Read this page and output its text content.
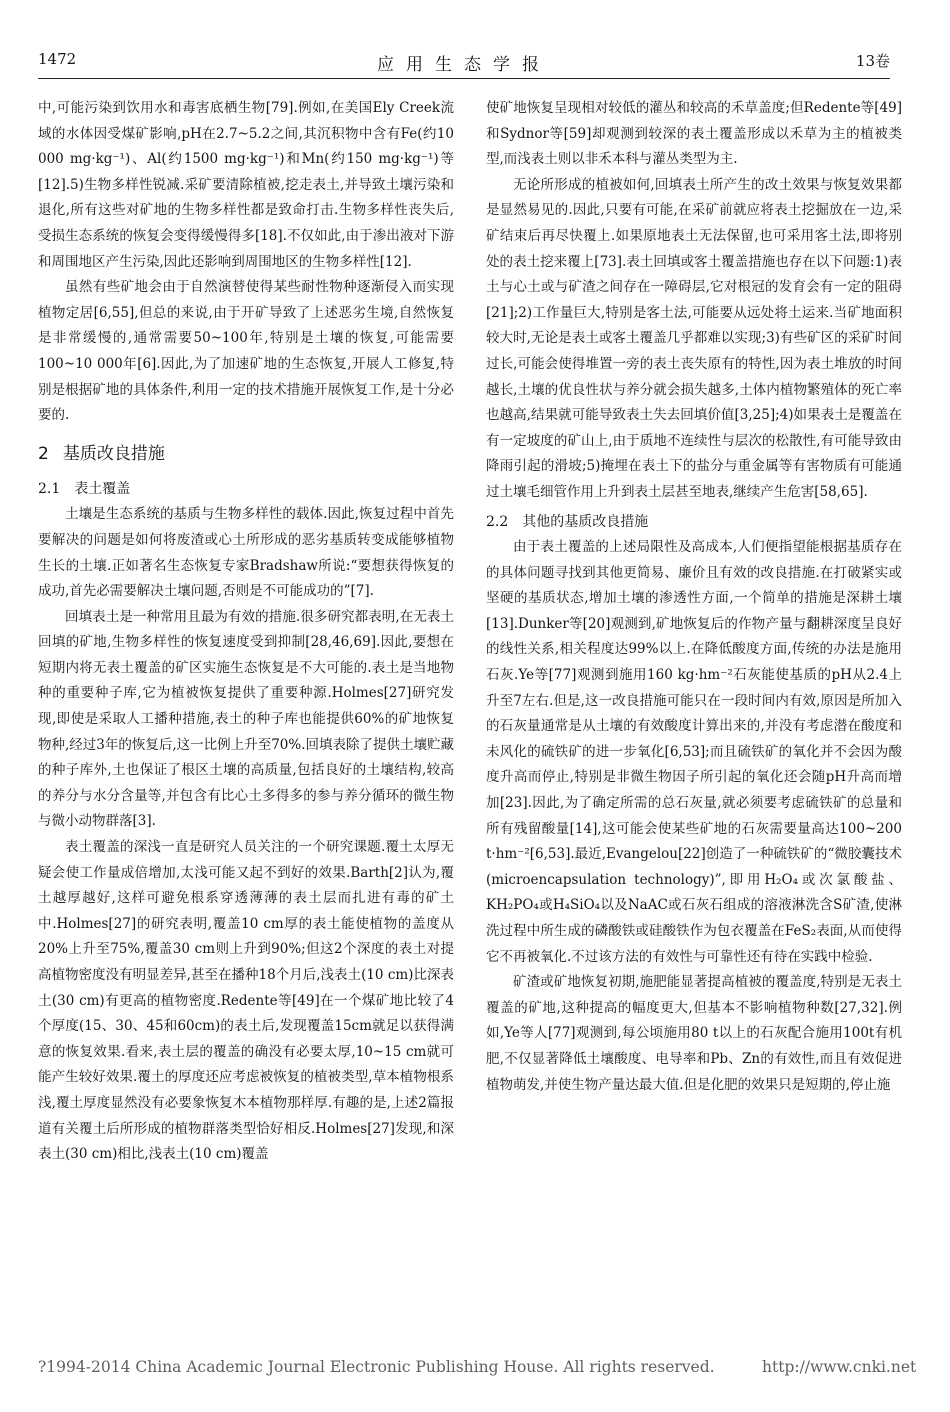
1472	应用生态学报	13卷

中,可能污染到饮用水和毒害底栖生物[79].例如,在美国Ely Creek流域的水体因受煤矿影响,pH在2.7~5.2之间,其沉积物中含有Fe(约10 000 mg·kg⁻¹)、Al(约1500 mg·kg⁻¹)和Mn(约150 mg·kg⁻¹)等[12].5)生物多样性锐减.采矿要清除植被,挖走表土,并导致土壤污染和退化,所有这些对矿地的生物多样性都是致命打击.生物多样性丧失后,受损生态系统的恢复会变得缓慢得多[18].不仅如此,由于渗出液对下游和周围地区产生污染,因此还影响到周围地区的生物多样性[12].

虽然有些矿地会由于自然演替使得某些耐性物种逐渐侵入而实现植物定居[6,55],但总的来说,由于开矿导致了上述恶劣生境,自然恢复是非常缓慢的,通常需要50~100年,特别是土壤的恢复,可能需要100~10 000年[6].因此,为了加速矿地的生态恢复,开展人工修复,特别是根据矿地的具体条件,利用一定的技术措施开展恢复工作,是十分必要的.

2 基质改良措施
2.1 表土覆盖

土壤是生态系统的基质与生物多样性的载体.因此,恢复过程中首先要解决的问题是如何将废渣或心土所形成的恶劣基质转变成能够植物生长的土壤.正如著名生态恢复专家Bradshaw所说:“要想获得恢复的成功,首先必需要解决土壤问题,否则是不可能成功的”[7].

回填表土是一种常用且最为有效的措施.很多研究都表明,在无表土回填的矿地,生物多样性的恢复速度受到抑制[28,46,69].因此,要想在短期内将无表土覆盖的矿区实施生态恢复是不大可能的.表土是当地物种的重要种子库,它为植被恢复提供了重要种源.Holmes[27]研究发现,即使是采取人工播种措施,表土的种子库也能提供60%的矿地恢复物种,经过3年的恢复后,这一比例上升至70%.回填表除了提供土壤贮藏的种子库外,土也保证了根区土壤的高质量,包括良好的土壤结构,较高的养分与水分含量等,并包含有比心土多得多的参与养分循环的微生物与微小动物群落[3].

表土覆盖的深浅一直是研究人员关注的一个研究课题.覆土太厚无疑会使工作量成倍增加,太浅可能又起不到好的效果.Barth[2]认为,覆土越厚越好,这样可避免根系穿透薄薄的表土层而扎进有毒的矿土中.Holmes[27]的研究表明,覆盖10 cm厚的表土能使植物的盖度从20%上升至75%,覆盖30 cm则上升到90%;但这2个深度的表土对提高植物密度没有明显差异,甚至在播种18个月后,浅表土(10 cm)比深表土(30 cm)有更高的植物密度.Redente等[49]在一个煤矿地比较了4个厚度(15、30、45和60cm)的表土后,发现覆盖15cm就足以获得满意的恢复效果.看来,表土层的覆盖的确没有必要太厚,10~15 cm就可能产生较好效果.覆土的厚度还应考虑被恢复的植被类型,草本植物根系浅,覆土厚度显然没有必要象恢复木本植物那样厚.有趣的是,上述2篇报道有关覆土后所形成的植物群落类型恰好相反.Holmes[27]发现,和深表土(30 cm)相比,浅表土(10 cm)覆盖

使矿地恢复呈现相对较低的灌丛和较高的禾草盖度;但Redente等[49]和Sydnor等[59]却观测到较深的表土覆盖形成以禾草为主的植被类型,而浅表土则以非禾本科与灌丛类型为主.

无论所形成的植被如何,回填表土所产生的改土效果与恢复效果都是显然易见的.因此,只要有可能,在采矿前就应将表土挖掘放在一边,采矿结束后再尽快覆上.如果原地表土无法保留,也可采用客土法,即将别处的表土挖来覆上[73].表土回填或客土覆盖措施也存在以下问题:1)表土与心土或与矿渣之间存在一障碍层,它对根冠的发育会有一定的阻碍[21];2)工作量巨大,特别是客土法,可能要从远处将土运来.当矿地面积较大时,无论是表土或客土覆盖几乎都难以实现;3)有些矿区的采矿时间过长,可能会使得堆置一旁的表土丧失原有的特性,因为表土堆放的时间越长,土壤的优良性状与养分就会损失越多,土体内植物繁殖体的死亡率也越高,结果就可能导致表土失去回填价值[3,25];4)如果表土是覆盖在有一定坡度的矿山上,由于质地不连续性与层次的松散性,有可能导致由降雨引起的滑坡;5)掩埋在表土下的盐分与重金属等有害物质有可能通过土壤毛细管作用上升到表土层甚至地表,继续产生危害[58,65].

2.2 其他的基质改良措施

由于表土覆盖的上述局限性及高成本,人们便指望能根据基质存在的具体问题寻找到其他更简易、廉价且有效的改良措施.在打破紧实或坚硬的基质状态,增加土壤的渗透性方面,一个简单的措施是深耕土壤[13].Dunker等[20]观测到,矿地恢复后的作物产量与翻耕深度呈良好的线性关系,相关程度达99%以上.在降低酸度方面,传统的办法是施用石灰.Ye等[77]观测到施用160 kg·hm⁻²石灰能使基质的pH从2.4上升至7左右.但是,这一改良措施可能只在一段时间内有效,原因是所加入的石灰量通常是从土壤的有效酸度计算出来的,并没有考虑潜在酸度和未风化的硫铁矿的进一步氧化[6,53];而且硫铁矿的氧化并不会因为酸度升高而停止,特别是非微生物因子所引起的氧化还会随pH升高而增加[23].因此,为了确定所需的总石灰量,就必须要考虑硫铁矿的总量和所有残留酸量[14],这可能会使某些矿地的石灰需要量高达100~200 t·hm⁻²[6,53].最近,Evangelou[22]创造了一种硫铁矿的“微胶囊技术(microencapsulation technology)”,即用H₂O₄或次氯酸盐、KH₂PO₄或H₄SiO₄以及NaAC或石灰石组成的溶液淋洗含S矿渣,使淋洗过程中所生成的磷酸铁或硅酸铁作为包衣覆盖在FeS₂表面,从而使得它不再被氧化.不过该方法的有效性与可靠性还有待在实践中检验.

矿渣或矿地恢复初期,施肥能显著提高植被的覆盖度,特别是无表土覆盖的矿地,这种提高的幅度更大,但基本不影响植物种数[27,32].例如,Ye等人[77]观测到,每公顷施用80 t以上的石灰配合施用100t有机肥,不仅显著降低土壤酸度、电导率和Pb、Zn的有效性,而且有效促进植物萌发,并使生物产量达最大值.但是化肥的效果只是短期的,停止施

?1994-2014 China Academic Journal Electronic Publishing House. All rights reserved.	http://www.cnki.net
